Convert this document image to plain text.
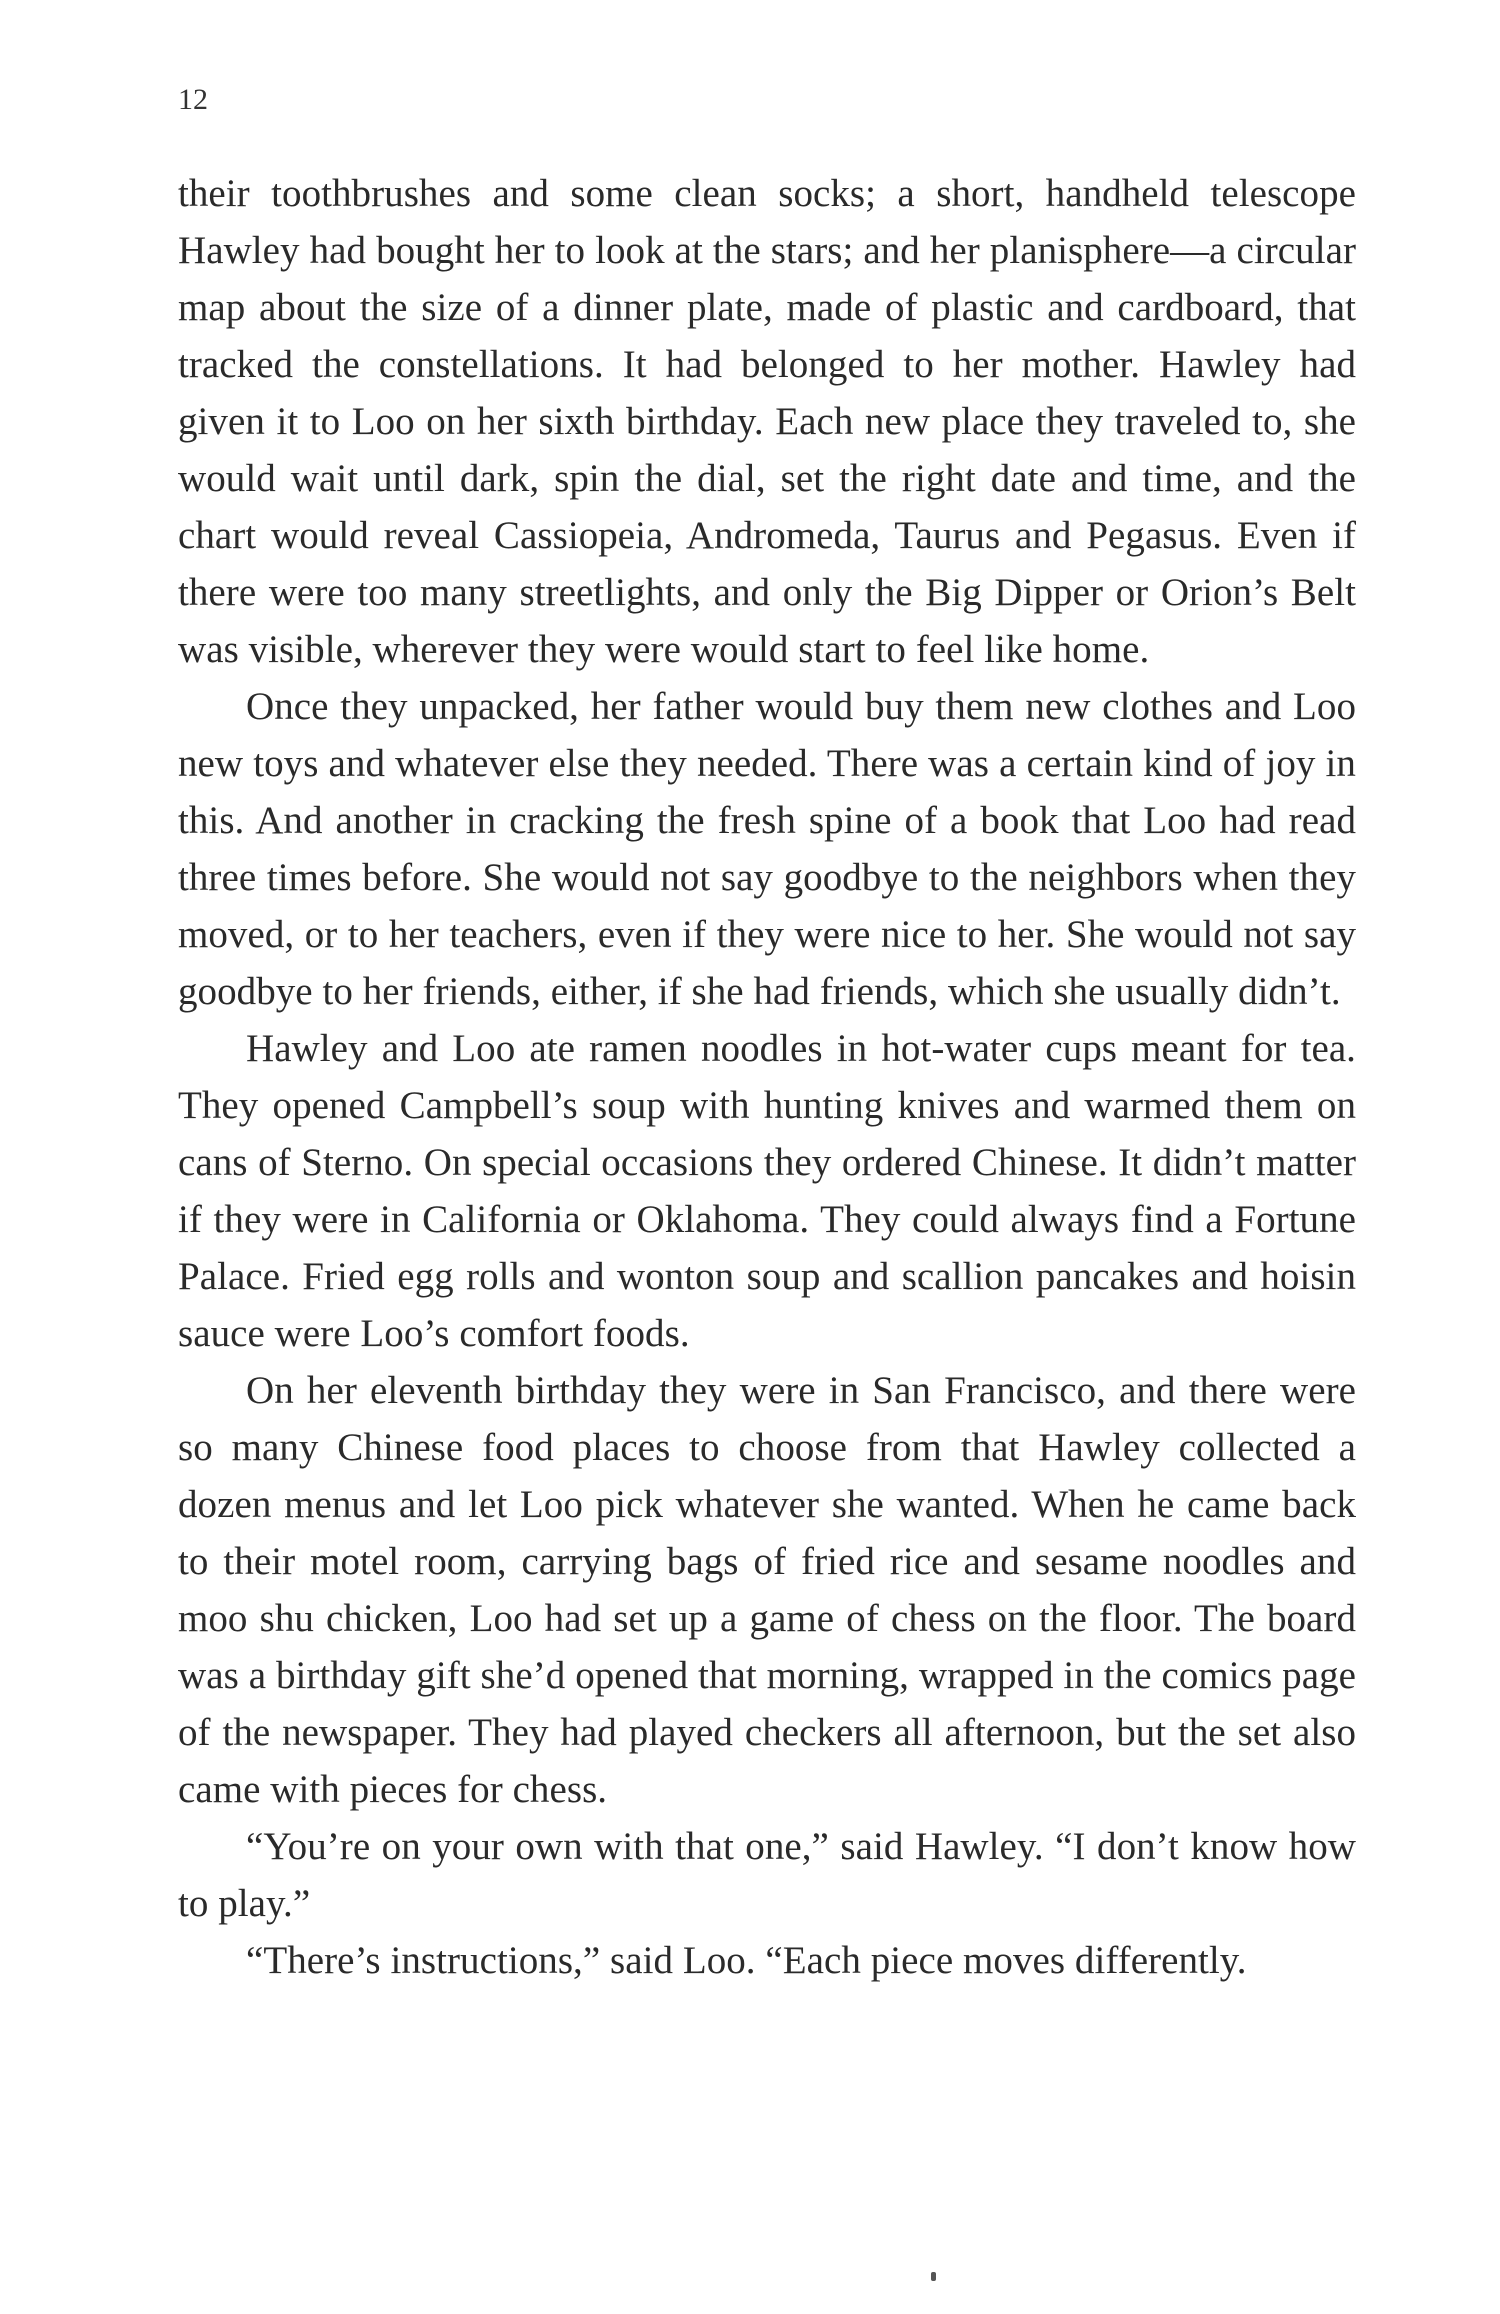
12

their toothbrushes and some clean socks; a short, handheld telescope Hawley had bought her to look at the stars; and her planisphere—a circular map about the size of a dinner plate, made of plastic and cardboard, that tracked the constellations. It had belonged to her mother. Hawley had given it to Loo on her sixth birthday. Each new place they traveled to, she would wait until dark, spin the dial, set the right date and time, and the chart would reveal Cassiopeia, Andromeda, Taurus and Pegasus. Even if there were too many streetlights, and only the Big Dipper or Orion’s Belt was visible, wherever they were would start to feel like home.

Once they unpacked, her father would buy them new clothes and Loo new toys and whatever else they needed. There was a certain kind of joy in this. And another in cracking the fresh spine of a book that Loo had read three times before. She would not say goodbye to the neighbors when they moved, or to her teachers, even if they were nice to her. She would not say goodbye to her friends, either, if she had friends, which she usually didn’t.

Hawley and Loo ate ramen noodles in hot-water cups meant for tea. They opened Campbell’s soup with hunting knives and warmed them on cans of Sterno. On special occasions they ordered Chinese. It didn’t matter if they were in California or Oklahoma. They could always find a Fortune Palace. Fried egg rolls and wonton soup and scallion pancakes and hoisin sauce were Loo’s comfort foods.

On her eleventh birthday they were in San Francisco, and there were so many Chinese food places to choose from that Hawley collected a dozen menus and let Loo pick whatever she wanted. When he came back to their motel room, carrying bags of fried rice and sesame noodles and moo shu chicken, Loo had set up a game of chess on the floor. The board was a birthday gift she’d opened that morning, wrapped in the comics page of the newspaper. They had played checkers all afternoon, but the set also came with pieces for chess.

“You’re on your own with that one,” said Hawley. “I don’t know how to play.”

“There’s instructions,” said Loo. “Each piece moves differently.
